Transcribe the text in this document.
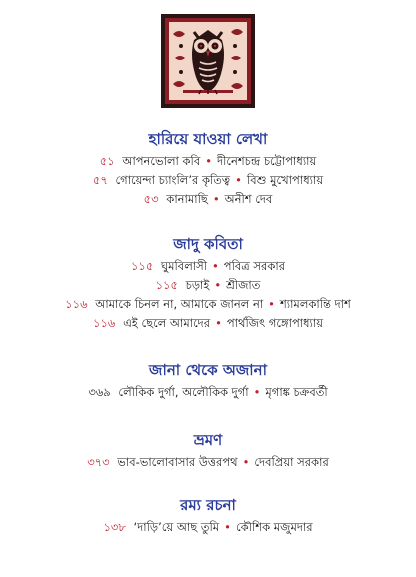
হারিয়ে যাওয়া লেখা
৫১ আপনভোলা কবি • দীনেশচন্দ্র চট্টোপাধ্যায়
৫৭ গোয়েন্দা চ্যাংলি’র কৃতিত্ব • বিশু মুখোপাধ্যায়
৫৩ কানামাছি • অনীশ দেব
জাদু কবিতা
১১৫ ঘুমবিলাসী • পবিত্র সরকার
১১৫ চড়াই • শ্রীজাত
১১৬ আমাকে চিনল না, আমাকে জানল না • শ্যামলকান্তি দাশ
১১৬ এই ছেলে আমাদের • পার্থজিৎ গঙ্গোপাধ্যায়
জানা থেকে অজানা
৩৬৯ লৌকিক দুর্গা, অলৌকিক দুর্গা • মৃগাঙ্ক চক্রবর্তী
ভ্রমণ
৩৭৩ ভাব-ভালোবাসার উত্তরপথ • দেবপ্রিয়া সরকার
রম্য রচনা
১৩৮ ‘দাড়ি’য়ে আছ তুমি • কৌশিক মজুমদার
